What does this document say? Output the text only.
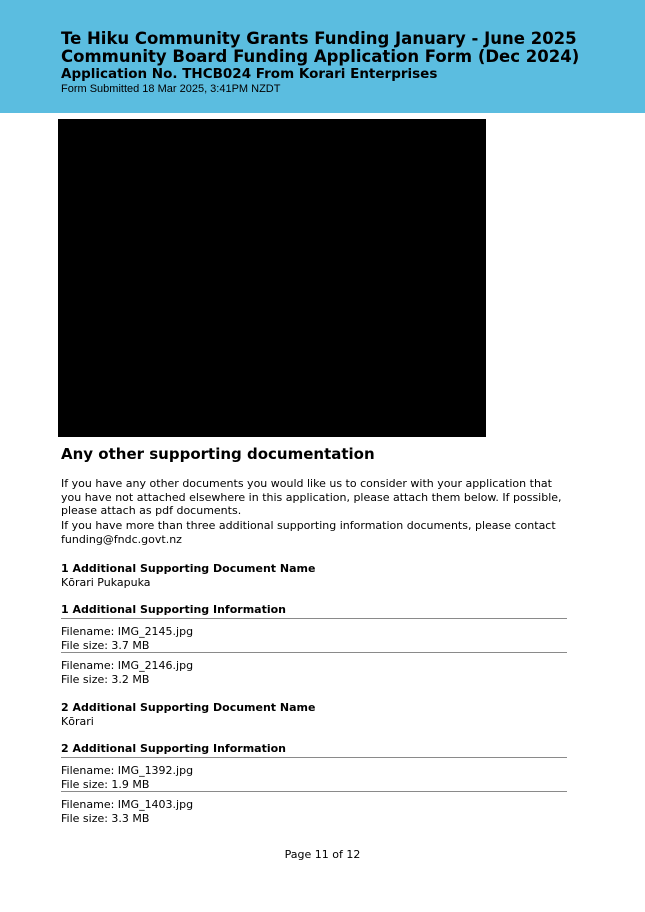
Te Hiku Community Grants Funding January - June 2025
Community Board Funding Application Form (Dec 2024)
Application No. THCB024 From Korari Enterprises
Form Submitted 18 Mar 2025, 3:41PM NZDT
Any other supporting documentation
If you have any other documents you would like us to consider with your application that you have not attached elsewhere in this application, please attach them below. If possible, please attach as pdf documents.
If you have more than three additional supporting information documents, please contact funding@fndc.govt.nz
1 Additional Supporting Document Name
Kōrari Pukapuka
1 Additional Supporting Information
Filename: IMG_2145.jpg
File size: 3.7 MB
Filename: IMG_2146.jpg
File size: 3.2 MB
2 Additional Supporting Document Name
Kōrari
2 Additional Supporting Information
Filename: IMG_1392.jpg
File size: 1.9 MB
Filename: IMG_1403.jpg
File size: 3.3 MB
Page 11 of 12
